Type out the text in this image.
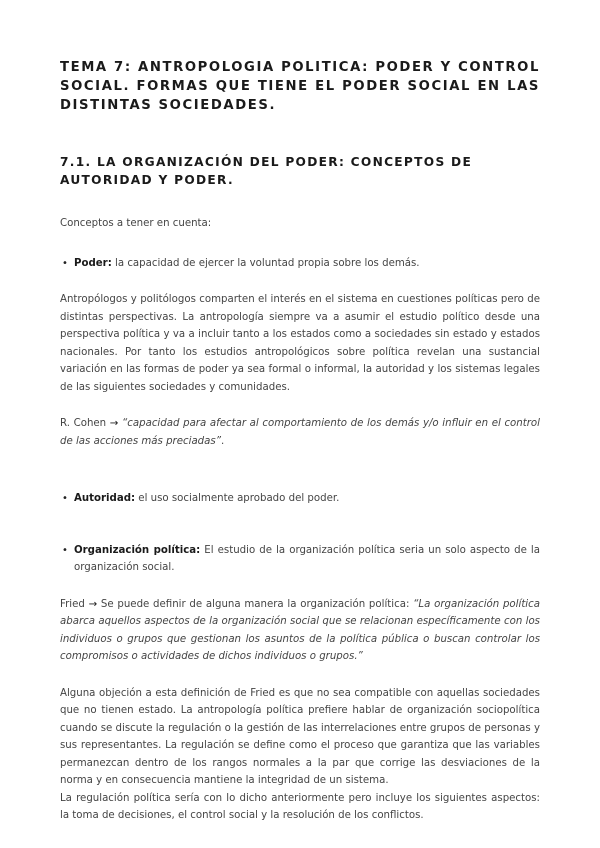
TEMA 7: ANTROPOLOGIA POLITICA: PODER Y CONTROL SOCIAL. FORMAS QUE TIENE EL PODER SOCIAL EN LAS DISTINTAS SOCIEDADES.
7.1. LA ORGANIZACIÓN DEL PODER: CONCEPTOS DE AUTORIDAD Y PODER.

Conceptos a tener en cuenta:

• Poder: la capacidad de ejercer la voluntad propia sobre los demás.

Antropólogos y politólogos comparten el interés en el sistema en cuestiones políticas pero de distintas perspectivas. La antropología siempre va a asumir el estudio político desde una perspectiva política y va a incluir tanto a los estados como a sociedades sin estado y estados nacionales. Por tanto los estudios antropológicos sobre política revelan una sustancial variación en las formas de poder ya sea formal o informal, la autoridad y los sistemas legales de las siguientes sociedades y comunidades.

R. Cohen → “capacidad para afectar al comportamiento de los demás y/o influir en el control de las acciones más preciadas”.

• Autoridad: el uso socialmente aprobado del poder.

• Organización política: El estudio de la organización política seria un solo aspecto de la organización social.

Fried → Se puede definir de alguna manera la organización política: “La organización política abarca aquellos aspectos de la organización social que se relacionan específicamente con los individuos o grupos que gestionan los asuntos de la política pública o buscan controlar los compromisos o actividades de dichos individuos o grupos.”

Alguna objeción a esta definición de Fried es que no sea compatible con aquellas sociedades que no tienen estado. La antropología política prefiere hablar de organización sociopolítica cuando se discute la regulación o la gestión de las interrelaciones entre grupos de personas y sus representantes. La regulación se define como el proceso que garantiza que las variables permanezcan dentro de los rangos normales a la par que corrige las desviaciones de la norma y en consecuencia mantiene la integridad de un sistema.

La regulación política sería con lo dicho anteriormente pero incluye los siguientes aspectos: la toma de decisiones, el control social y la resolución de los conflictos.
